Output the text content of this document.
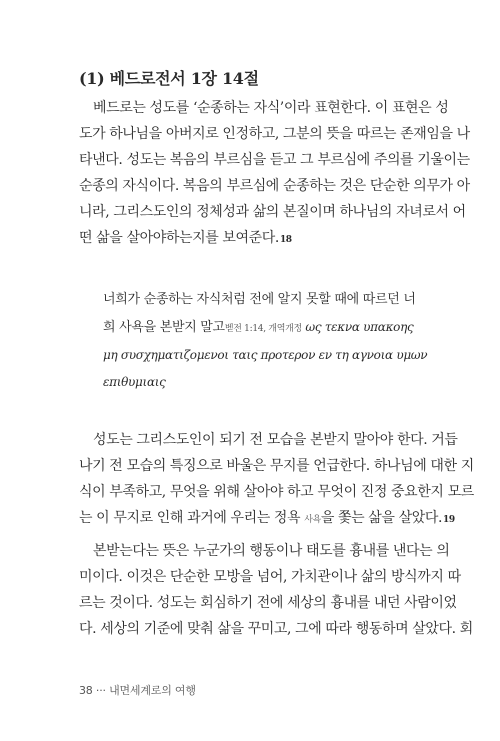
(1) 베드로전서 1장 14절
베드로는 성도를 ‘순종하는 자식’이라 표현한다. 이 표현은 성
도가 하나님을 아버지로 인정하고, 그분의 뜻을 따르는 존재임을 나
타낸다. 성도는 복음의 부르심을 듣고 그 부르심에 주의를 기울이는
순종의 자식이다. 복음의 부르심에 순종하는 것은 단순한 의무가 아
니라, 그리스도인의 정체성과 삶의 본질이며 하나님의 자녀로서 어
떤 삶을 살아야하는지를 보여준다.18
너희가 순종하는 자식처럼 전에 알지 못할 때에 따르던 너
희 사욕을 본받지 말고벧전 1:14, 개역개정 ως τεκνα υπακοης
μη συσχηματιζομενοι ταις προτερον εν τη αγνοια υμων
επιθυμιαις
성도는 그리스도인이 되기 전 모습을 본받지 말아야 한다. 거듭
나기 전 모습의 특징으로 바울은 무지를 언급한다. 하나님에 대한 지
식이 부족하고, 무엇을 위해 살아야 하고 무엇이 진정 중요한지 모르
는 이 무지로 인해 과거에 우리는 정욕 사욕을 쫓는 삶을 살았다.19
본받는다는 뜻은 누군가의 행동이나 태도를 흉내를 낸다는 의
미이다. 이것은 단순한 모방을 넘어, 가치관이나 삶의 방식까지 따
르는 것이다. 성도는 회심하기 전에 세상의 흉내를 내던 사람이었
다. 세상의 기준에 맞춰 삶을 꾸미고, 그에 따라 행동하며 살았다. 회
38 ··· 내면세계로의 여행
